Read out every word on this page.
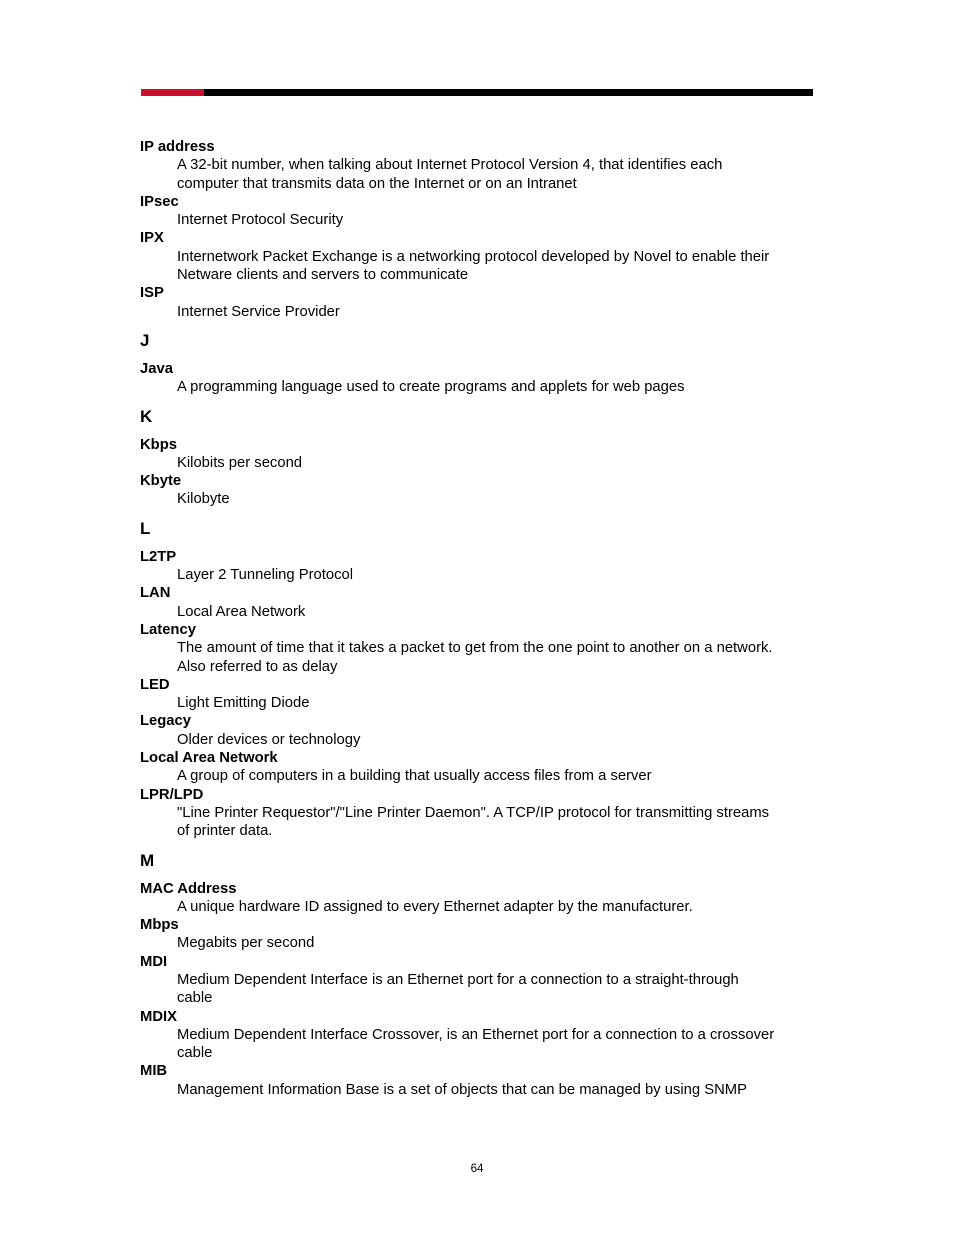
IP address
A 32-bit number, when talking about Internet Protocol Version 4, that identifies each
computer that transmits data on the Internet or on an Intranet
IPsec
Internet Protocol Security
IPX
Internetwork Packet Exchange is a networking protocol developed by Novel to enable their
Netware clients and servers to communicate
ISP
Internet Service Provider
J
Java
A programming language used to create programs and applets for web pages
K
Kbps
Kilobits per second
Kbyte
Kilobyte
L
L2TP
Layer 2 Tunneling Protocol
LAN
Local Area Network
Latency
The amount of time that it takes a packet to get from the one point to another on a network.
Also referred to as delay
LED
Light Emitting Diode
Legacy
Older devices or technology
Local Area Network
A group of computers in a building that usually access files from a server
LPR/LPD
"Line Printer Requestor"/"Line Printer Daemon". A TCP/IP protocol for transmitting streams
of printer data.
M
MAC Address
A unique hardware ID assigned to every Ethernet adapter by the manufacturer.
Mbps
Megabits per second
MDI
Medium Dependent Interface is an Ethernet port for a connection to a straight-through
cable
MDIX
Medium Dependent Interface Crossover, is an Ethernet port for a connection to a crossover
cable
MIB
Management Information Base is a set of objects that can be managed by using SNMP
64
